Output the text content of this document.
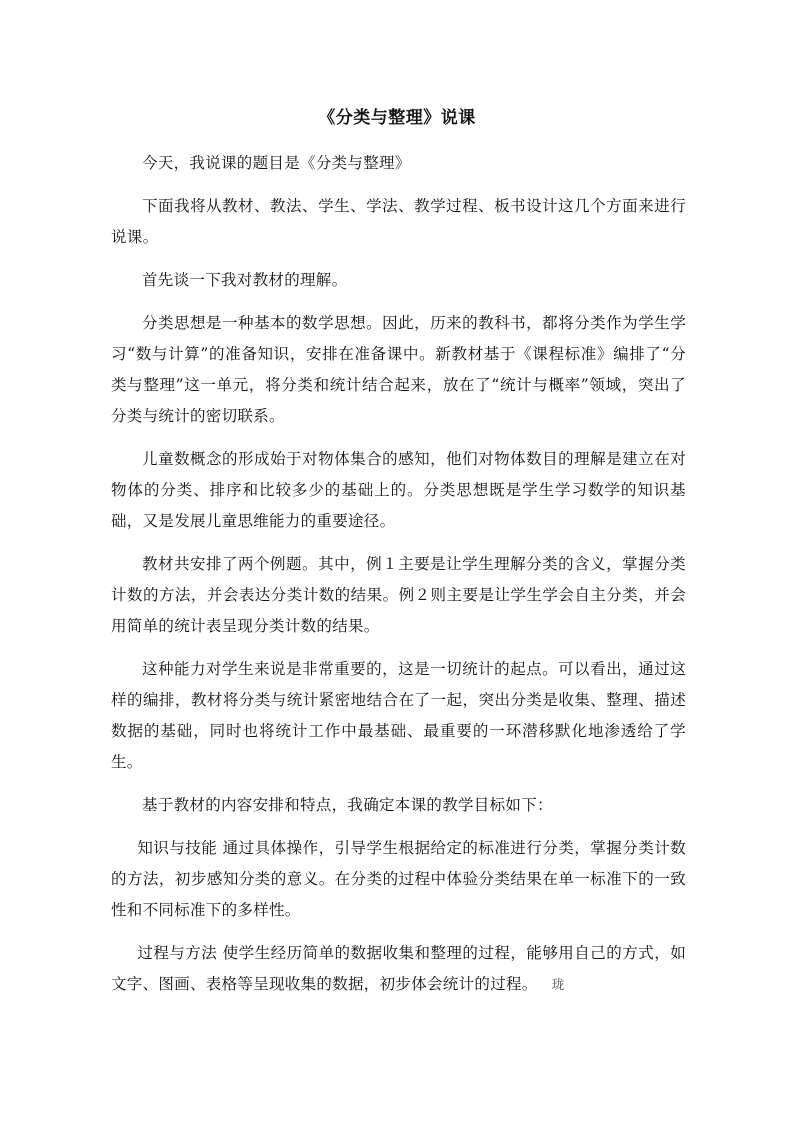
《分类与整理》说课

今天，我说课的题目是《分类与整理》

下面我将从教材、教法、学生、学法、教学过程、板书设计这几个方面来进行说课。

首先谈一下我对教材的理解。

分类思想是一种基本的数学思想。因此，历来的教科书，都将分类作为学生学习“数与计算”的准备知识，安排在准备课中。新教材基于《课程标准》编排了“分类与整理”这一单元，将分类和统计结合起来，放在了“统计与概率”领域，突出了分类与统计的密切联系。

儿童数概念的形成始于对物体集合的感知，他们对物体数目的理解是建立在对物体的分类、排序和比较多少的基础上的。分类思想既是学生学习数学的知识基础，又是发展儿童思维能力的重要途径。

教材共安排了两个例题。其中，例１主要是让学生理解分类的含义，掌握分类计数的方法，并会表达分类计数的结果。例２则主要是让学生学会自主分类，并会用简单的统计表呈现分类计数的结果。

这种能力对学生来说是非常重要的，这是一切统计的起点。可以看出，通过这样的编排，教材将分类与统计紧密地结合在了一起，突出分类是收集、整理、描述数据的基础，同时也将统计工作中最基础、最重要的一环潜移默化地渗透给了学生。

基于教材的内容安排和特点，我确定本课的教学目标如下：

知识与技能 通过具体操作，引导学生根据给定的标准进行分类，掌握分类计数的方法，初步感知分类的意义。在分类的过程中体验分类结果在单一标准下的一致性和不同标准下的多样性。

过程与方法 使学生经历简单的数据收集和整理的过程，能够用自己的方式，如文字、图画、表格等呈现收集的数据，初步体会统计的过程。 珑
